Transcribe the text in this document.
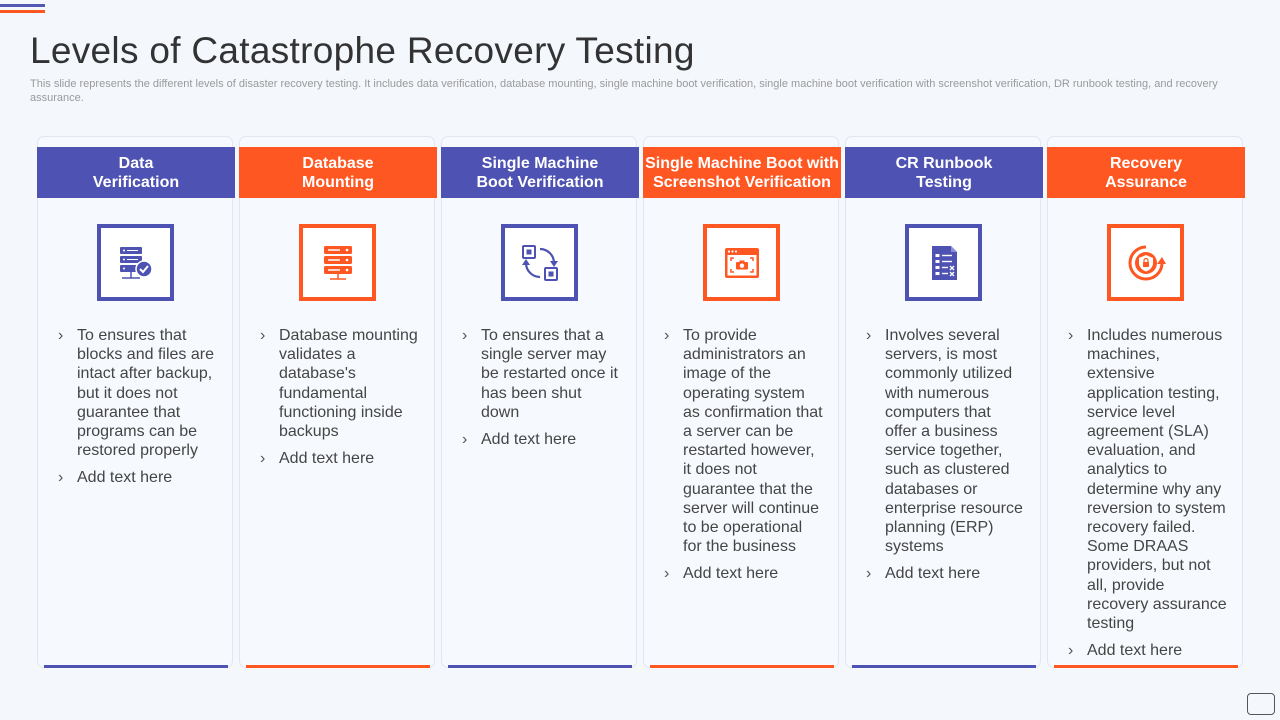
Levels of Catastrophe Recovery Testing

This slide represents the different levels of disaster recovery testing. It includes data verification, database mounting, single machine boot verification, single machine boot verification with screenshot verification, DR runbook testing, and recovery assurance.

Data
Verification
› To ensures that blocks and files are intact after backup, but it does not guarantee that programs can be restored properly
› Add text here
Database
Mounting
› Database mounting validates a database's fundamental functioning inside backups
› Add text here
Single Machine
Boot Verification
› To ensures that a single server may be restarted once it has been shut down
› Add text here
Single Machine Boot with
Screenshot Verification
› To provide administrators an image of the operating system as confirmation that a server can be restarted however, it does not guarantee that the server will continue to be operational for the business
› Add text here
CR Runbook
Testing
› Involves several servers, is most commonly utilized with numerous computers that offer a business service together, such as clustered databases or enterprise resource planning (ERP) systems
› Add text here
Recovery
Assurance
› Includes numerous machines, extensive application testing, service level agreement (SLA) evaluation, and analytics to determine why any reversion to system recovery failed. Some DRAAS providers, but not all, provide recovery assurance testing
› Add text here
